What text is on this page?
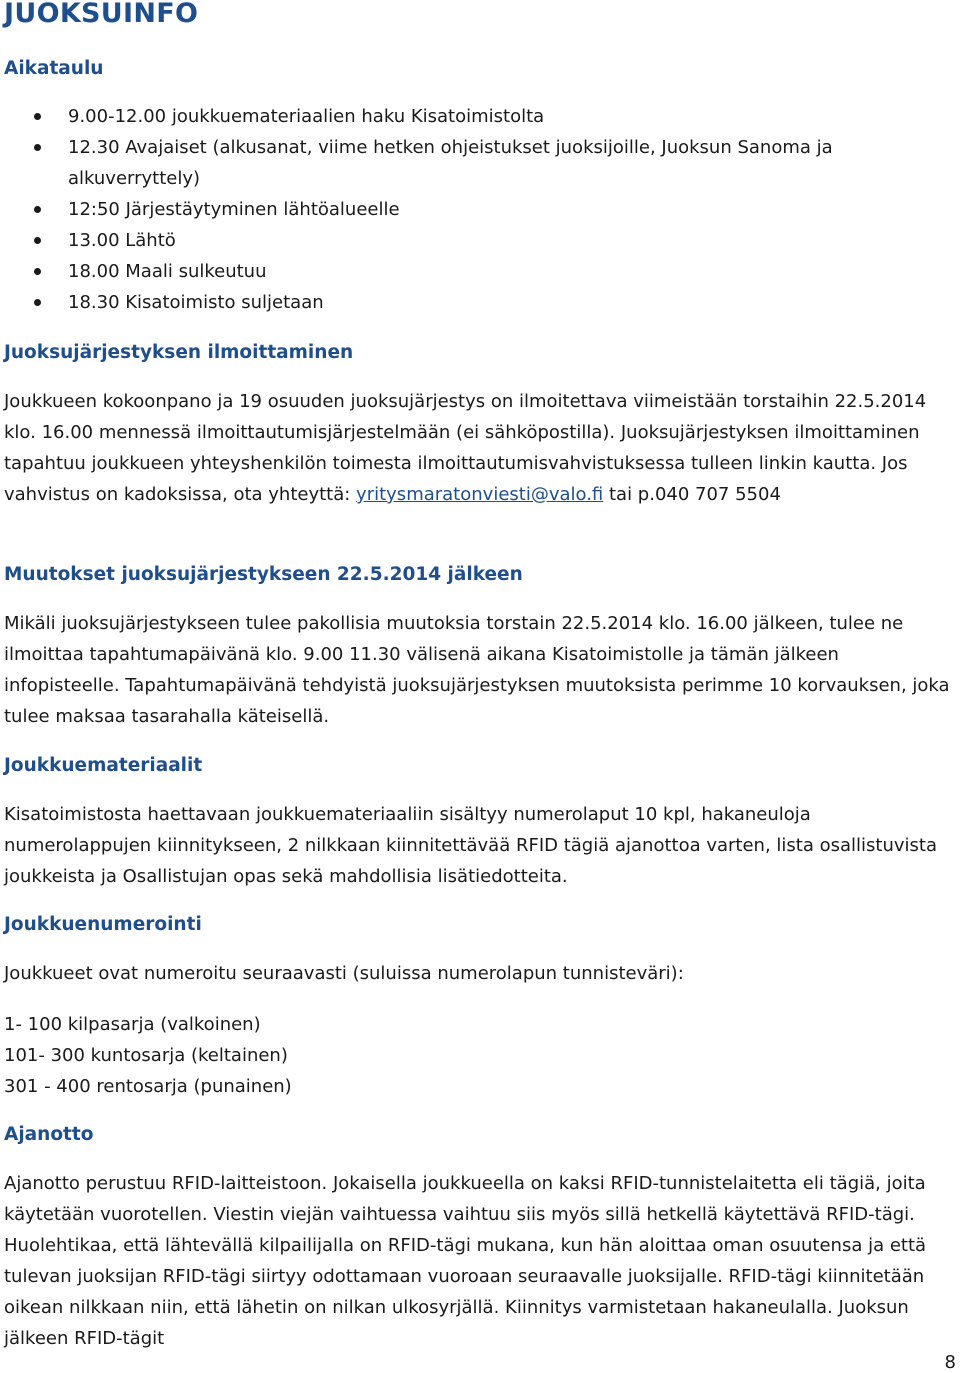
JUOKSUINFO
Aikataulu
9.00-12.00 joukkuemateriaalien haku Kisatoimistolta
12.30 Avajaiset (alkusanat, viime hetken ohjeistukset juoksijoille, Juoksun Sanoma ja alkuverryttely)
12:50 Järjestäytyminen lähtöalueelle
13.00 Lähtö
18.00 Maali sulkeutuu
18.30 Kisatoimisto suljetaan
Juoksujärjestyksen ilmoittaminen

Joukkueen kokoonpano ja 19 osuuden juoksujärjestys on ilmoitettava viimeistään torstaihin 22.5.2014 klo. 16.00 mennessä ilmoittautumisjärjestelmään (ei sähköpostilla). Juoksujärjestyksen ilmoittaminen tapahtuu joukkueen yhteyshenkilön toimesta ilmoittautumisvahvistuksessa tulleen linkin kautta. Jos vahvistus on kadoksissa, ota yhteyttä: yritysmaratonviesti@valo.fi tai p.040 707 5504

Muutokset juoksujärjestykseen 22.5.2014 jälkeen

Mikäli juoksujärjestykseen tulee pakollisia muutoksia torstain 22.5.2014 klo. 16.00 jälkeen, tulee ne ilmoittaa tapahtumapäivänä klo. 9.00 11.30 välisenä aikana Kisatoimistolle ja tämän jälkeen infopisteelle. Tapahtumapäivänä tehdyistä juoksujärjestyksen muutoksista perimme 10 korvauksen, joka tulee maksaa tasarahalla käteisellä.

Joukkuemateriaalit

Kisatoimistosta haettavaan joukkuemateriaaliin sisältyy numerolaput 10 kpl, hakaneuloja numerolappujen kiinnitykseen, 2 nilkkaan kiinnitettävää RFID tägiä ajanottoa varten, lista osallistuvista joukkeista ja Osallistujan opas sekä mahdollisia lisätiedotteita.

Joukkuenumerointi

Joukkueet ovat numeroitu seuraavasti (suluissa numerolapun tunnisteväri):

1- 100 kilpasarja (valkoinen)

101- 300 kuntosarja (keltainen)

301 - 400 rentosarja (punainen)

Ajanotto

Ajanotto perustuu RFID-laitteistoon. Jokaisella joukkueella on kaksi RFID-tunnistelaitetta eli tägiä, joita käytetään vuorotellen. Viestin viejän vaihtuessa vaihtuu siis myös sillä hetkellä käytettävä RFID-tägi. Huolehtikaa, että lähtevällä kilpailijalla on RFID-tägi mukana, kun hän aloittaa oman osuutensa ja että tulevan juoksijan RFID-tägi siirtyy odottamaan vuoroaan seuraavalle juoksijalle. RFID-tägi kiinnitetään oikean nilkkaan niin, että lähetin on nilkan ulkosyrjällä. Kiinnitys varmistetaan hakaneulalla. Juoksun jälkeen RFID-tägit

8
